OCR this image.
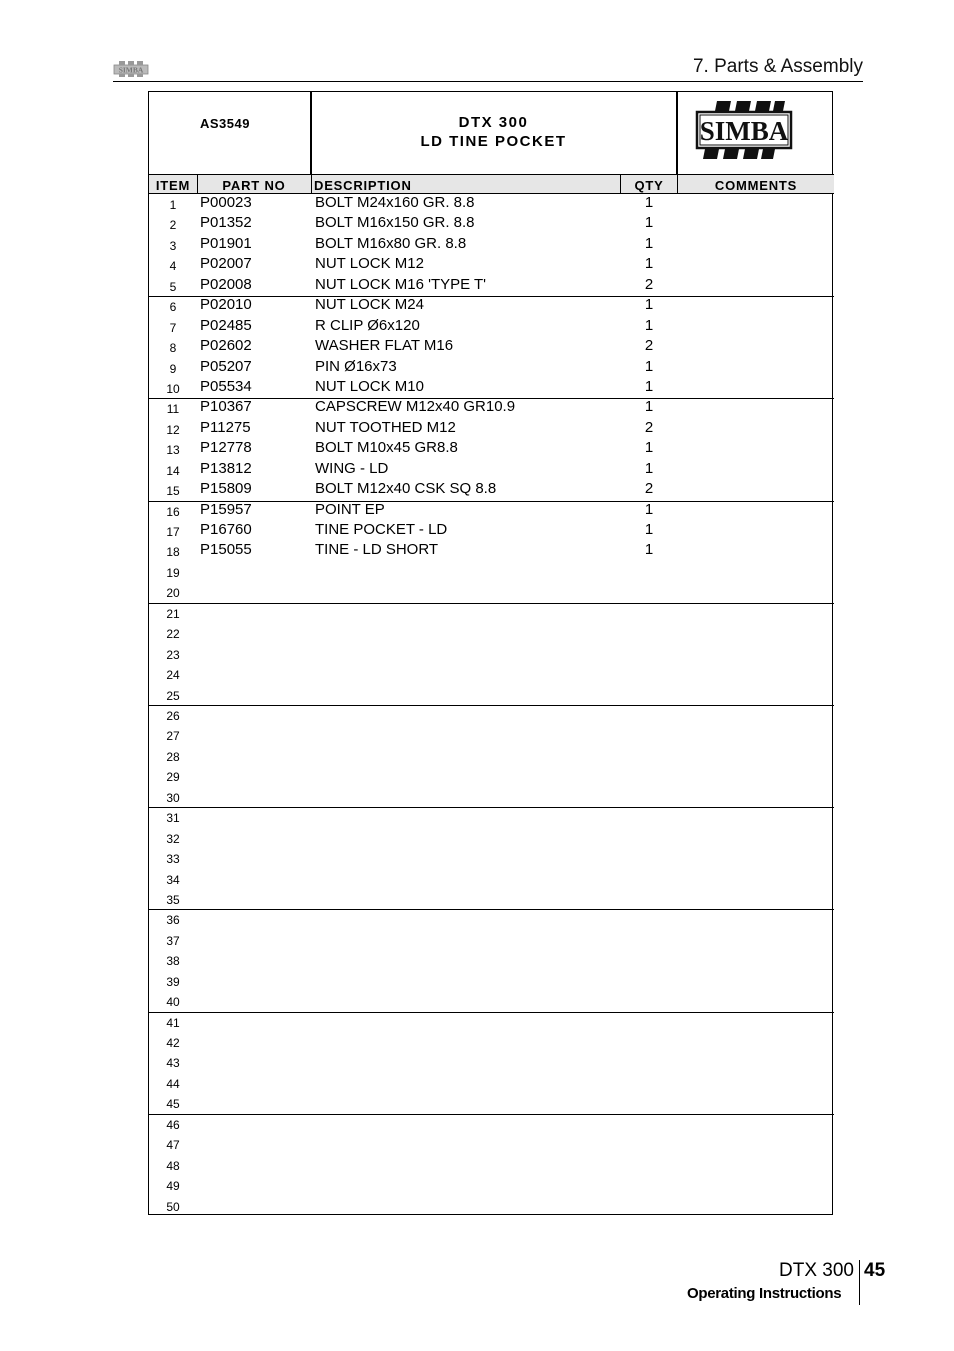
SIMBA	7. Parts & Assembly
AS3549	DTX 300
LD TINE POCKET	SIMBA
ITEM	PART NO	DESCRIPTION	QTY	COMMENTS
1	P00023	BOLT M24x160 GR. 8.8	1
2	P01352	BOLT M16x150 GR. 8.8	1
3	P01901	BOLT M16x80 GR. 8.8	1
4	P02007	NUT LOCK M12	1
5	P02008	NUT LOCK M16 'TYPE T'	2
6	P02010	NUT LOCK M24	1
7	P02485	R CLIP Ø6x120	1
8	P02602	WASHER FLAT M16	2
9	P05207	PIN Ø16x73	1
10	P05534	NUT LOCK M10	1
11	P10367	CAPSCREW M12x40 GR10.9	1
12	P11275	NUT TOOTHED M12	2
13	P12778	BOLT M10x45 GR8.8	1
14	P13812	WING - LD	1
15	P15809	BOLT M12x40 CSK SQ 8.8	2
16	P15957	POINT EP	1
17	P16760	TINE POCKET - LD	1
18	P15055	TINE - LD SHORT	1
19
20
21
22
23
24
25
26
27
28
29
30
31
32
33
34
35
36
37
38
39
40
41
42
43
44
45
46
47
48
49
50
DTX 300 45
Operating Instructions
